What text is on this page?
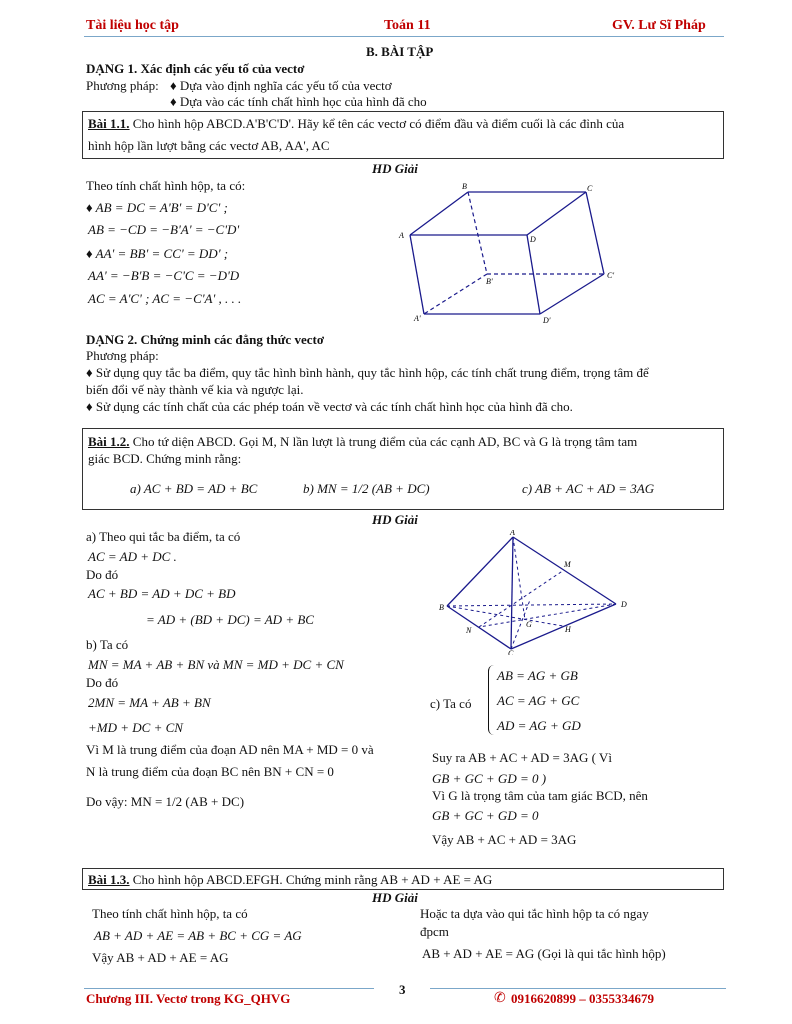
Tài liệu học tập	Toán 11	GV. Lư Sĩ Pháp
B. BÀI TẬP
DẠNG 1. Xác định các yếu tố của vectơ
Phương pháp: ♦ Dựa vào định nghĩa các yếu tố của vectơ
♦ Dựa vào các tính chất hình học của hình đã cho
Bài 1.1. Cho hình hộp ABCD.A'B'C'D'. Hãy kể tên các vectơ có điểm đầu và điểm cuối là các đỉnh của
hình hộp lần lượt bằng các vectơ AB, AA', AC
HD Giải
Theo tính chất hình hộp, ta có:
♦ AB = DC = A'B' = D'C' ;
AB = −CD = −B'A' = −C'D'
♦ AA' = BB' = CC' = DD' ;
AA' = −B'B = −C'C = −D'D
AC = A'C' ; AC = −C'A' , . . .
A
B	C
D
A'
B'
C'
D'
DẠNG 2. Chứng minh các đẳng thức vectơ
Phương pháp:
♦ Sử dụng quy tắc ba điểm, quy tắc hình bình hành, quy tắc hình hộp, các tính chất trung điểm, trọng tâm để
biến đổi vế này thành vế kia và ngược lại.
♦ Sử dụng các tính chất của các phép toán về vectơ và các tính chất hình học của hình đã cho.
Bài 1.2. Cho tứ diện ABCD. Gọi M, N lần lượt là trung điểm của các cạnh AD, BC và G là trọng tâm tam
giác BCD. Chứng minh rằng:
a) AC + BD = AD + BC	b) MN = 1/2 (AB + DC)	c) AB + AC + AD = 3AG
HD Giải
a) Theo qui tắc ba điểm, ta có
AC = AD + DC .
Do đó
AC + BD = AD + DC + BD
= AD + (BD + DC) = AD + BC
b) Ta có
MN = MA + AB + BN và MN = MD + DC + CN
Do đó
2MN = MA + AB + BN
+MD + DC + CN
Vì M là trung điểm của đoạn AD nên MA + MD = 0 và
N là trung điểm của đoạn BC nên BN + CN = 0
Do vậy: MN = 1/2 (AB + DC)
A
M
B	D
G
N	H
C
c) Ta có
AB = AG + GB
AC = AG + GC
AD = AG + GD
Suy ra AB + AC + AD = 3AG ( Vì
GB + GC + GD = 0 )
Vì G là trọng tâm của tam giác BCD, nên
GB + GC + GD = 0
Vậy AB + AC + AD = 3AG
Bài 1.3. Cho hình hộp ABCD.EFGH. Chứng minh rằng AB + AD + AE = AG
HD Giải
Theo tính chất hình hộp, ta có
AB + AD + AE = AB + BC + CG = AG
Vậy AB + AD + AE = AG
Hoặc ta dựa vào qui tắc hình hộp ta có ngay
đpcm
AB + AD + AE = AG (Gọi là qui tắc hình hộp)
3
Chương III. Vectơ trong KG_QHVG	✆ 0916620899 – 0355334679
